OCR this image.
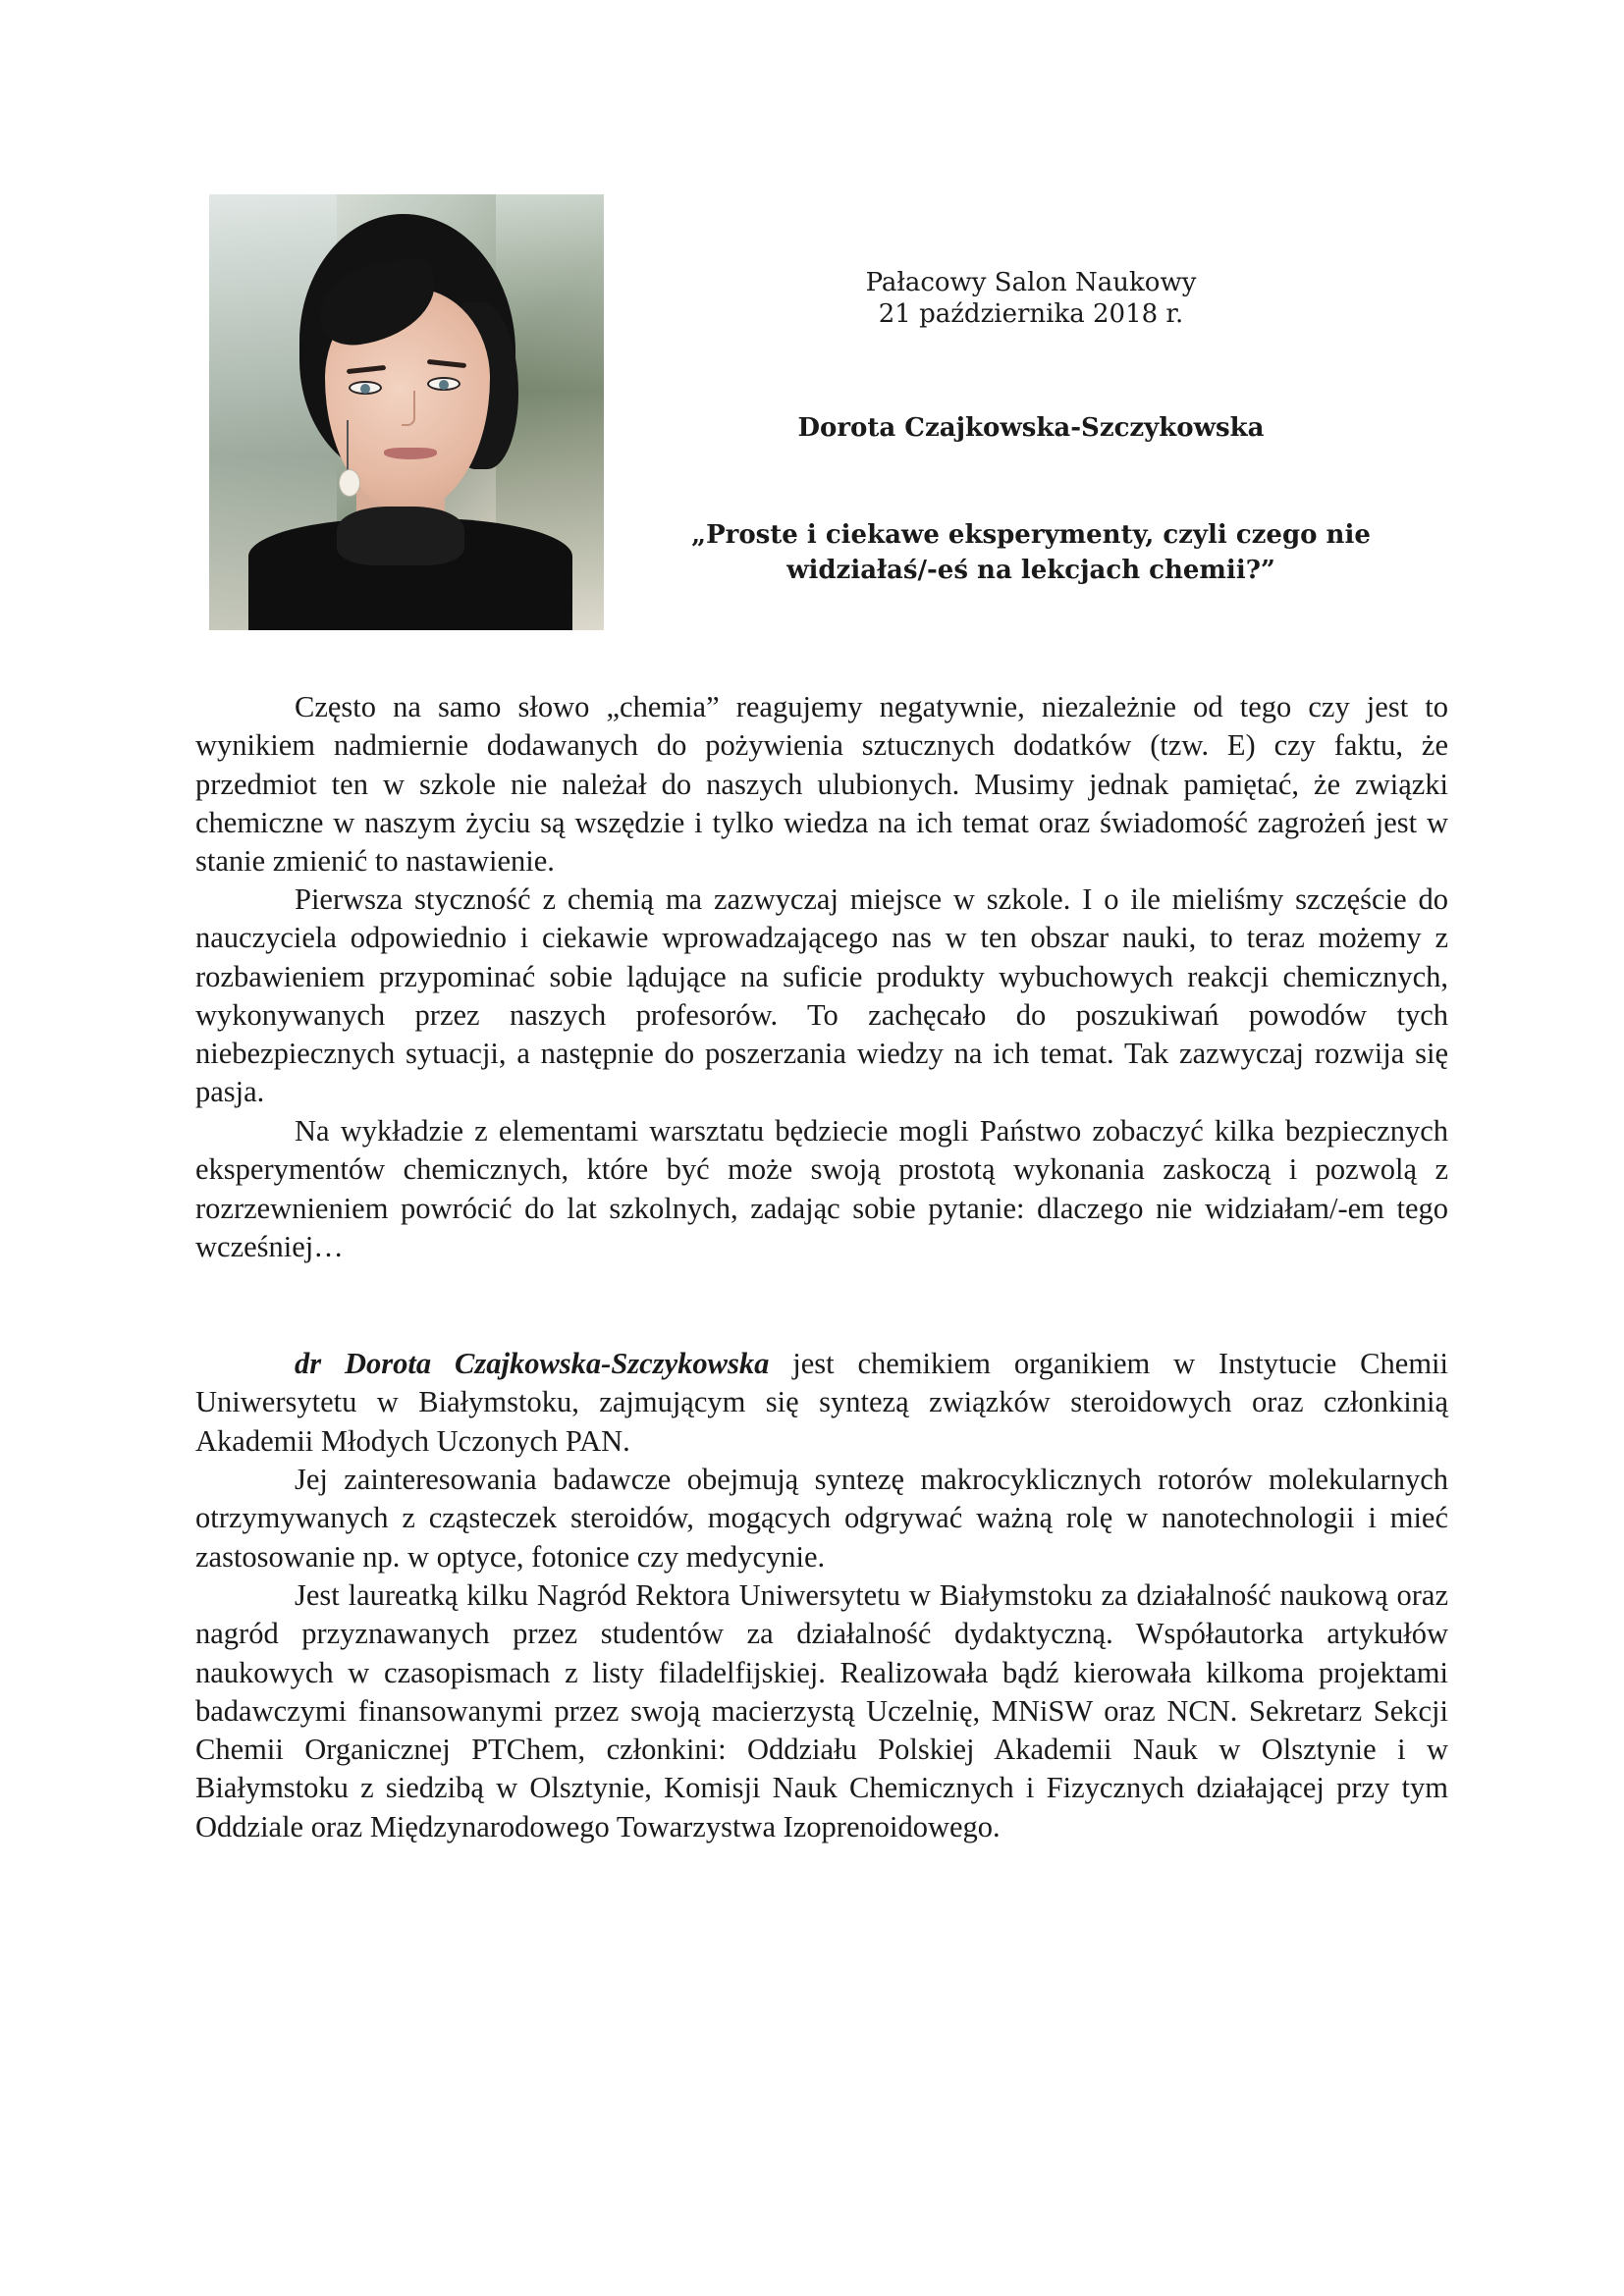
Pałacowy Salon Naukowy
21 października 2018 r.
Dorota Czajkowska-Szczykowska
„Proste i ciekawe eksperymenty, czyli czego nie widziałaś/-eś na lekcjach chemii?”

Często na samo słowo „chemia” reagujemy negatywnie, niezależnie od tego czy jest to wynikiem nadmiernie dodawanych do pożywienia sztucznych dodatków (tzw. E) czy faktu, że przedmiot ten w szkole nie należał do naszych ulubionych. Musimy jednak pamiętać, że związki chemiczne w naszym życiu są wszędzie i tylko wiedza na ich temat oraz świadomość zagrożeń jest w stanie zmienić to nastawienie.

Pierwsza styczność z chemią ma zazwyczaj miejsce w szkole. I o ile mieliśmy szczęście do nauczyciela odpowiednio i ciekawie wprowadzającego nas w ten obszar nauki, to teraz możemy z rozbawieniem przypominać sobie lądujące na suficie produkty wybuchowych reakcji chemicznych, wykonywanych przez naszych profesorów. To zachęcało do poszukiwań powodów tych niebezpiecznych sytuacji, a następnie do poszerzania wiedzy na ich temat. Tak zazwyczaj rozwija się pasja.

Na wykładzie z elementami warsztatu będziecie mogli Państwo zobaczyć kilka bezpiecznych eksperymentów chemicznych, które być może swoją prostotą wykonania zaskoczą i pozwolą z rozrzewnieniem powrócić do lat szkolnych, zadając sobie pytanie: dlaczego nie widziałam/-em tego wcześniej…

dr Dorota Czajkowska-Szczykowska jest chemikiem organikiem w Instytucie Chemii Uniwersytetu w Białymstoku, zajmującym się syntezą związków steroidowych oraz członkinią Akademii Młodych Uczonych PAN.

Jej zainteresowania badawcze obejmują syntezę makrocyklicznych rotorów molekularnych otrzymywanych z cząsteczek steroidów, mogących odgrywać ważną rolę w nanotechnologii i mieć zastosowanie np. w optyce, fotonice czy medycynie.

Jest laureatką kilku Nagród Rektora Uniwersytetu w Białymstoku za działalność naukową oraz nagród przyznawanych przez studentów za działalność dydaktyczną. Współautorka artykułów naukowych w czasopismach z listy filadelfijskiej. Realizowała bądź kierowała kilkoma projektami badawczymi finansowanymi przez swoją macierzystą Uczelnię, MNiSW oraz NCN. Sekretarz Sekcji Chemii Organicznej PTChem, członkini: Oddziału Polskiej Akademii Nauk w Olsztynie i w Białymstoku z siedzibą w Olsztynie, Komisji Nauk Chemicznych i Fizycznych działającej przy tym Oddziale oraz Międzynarodowego Towarzystwa Izoprenoidowego.
